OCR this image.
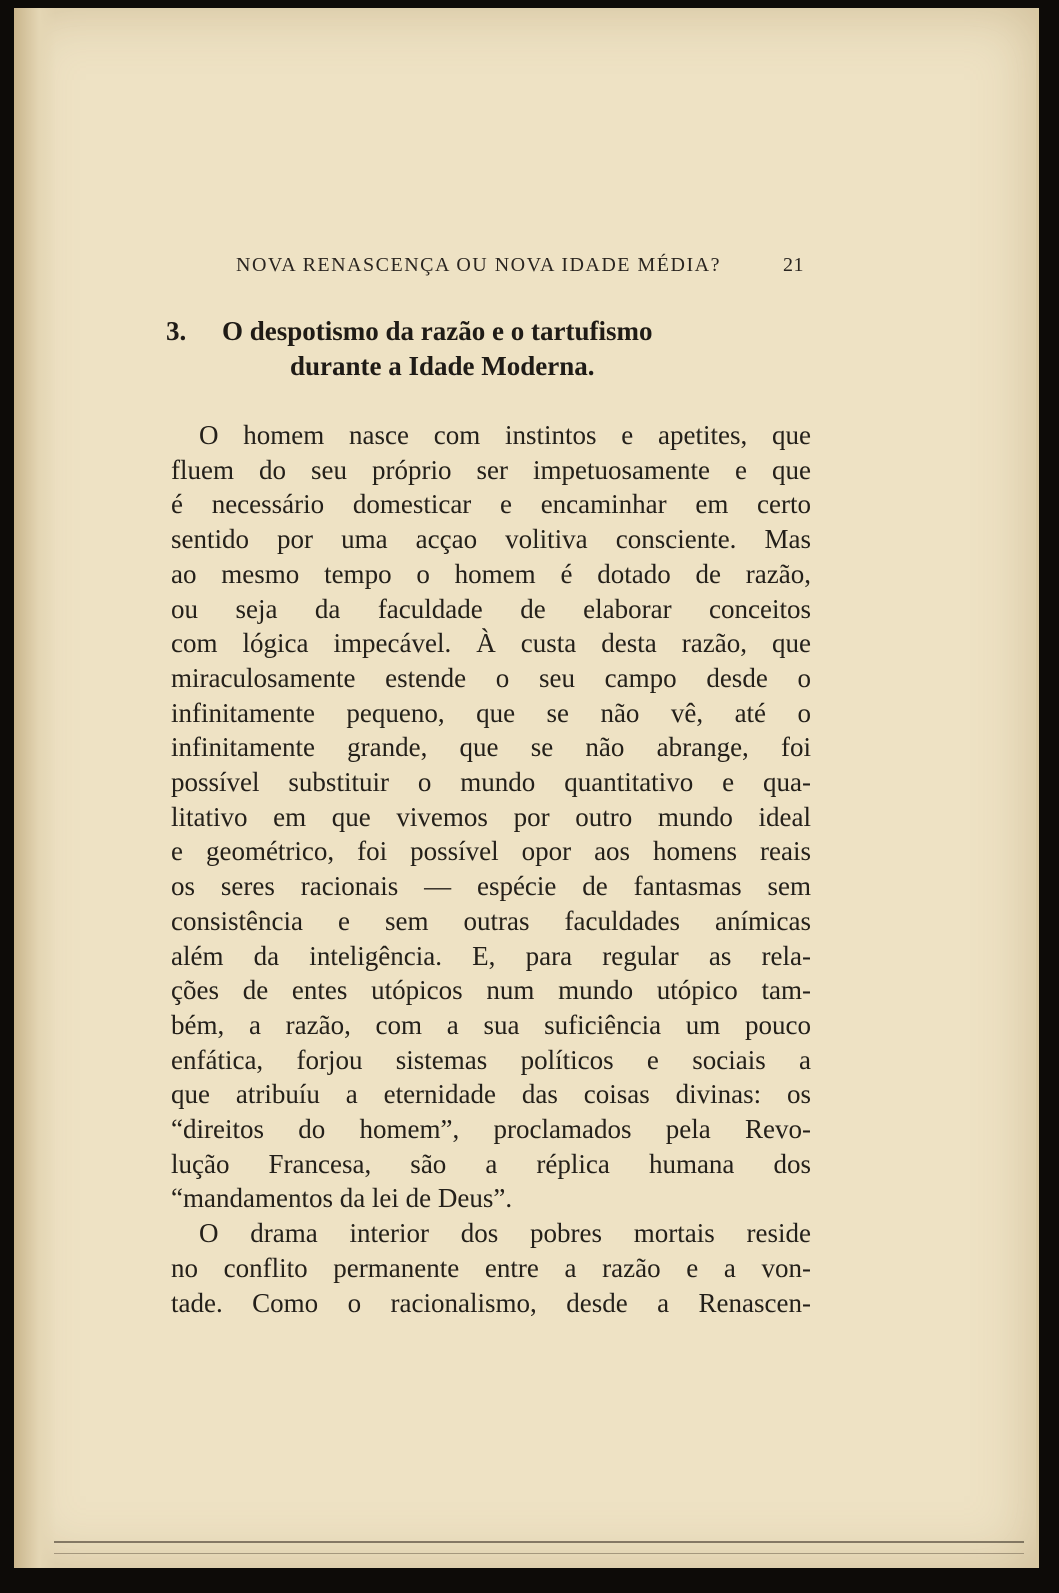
NOVA RENASCENÇA OU NOVA IDADE MÉDIA?	21
3. O despotismo da razão e o tartufismo
durante a Idade Moderna.
O homem nasce com instintos e apetites, que
fluem do seu próprio ser impetuosamente e que
é necessário domesticar e encaminhar em certo
sentido por uma acçao volitiva consciente. Mas
ao mesmo tempo o homem é dotado de razão,
ou seja da faculdade de elaborar conceitos
com lógica impecável. À custa desta razão, que
miraculosamente estende o seu campo desde o
infinitamente pequeno, que se não vê, até o
infinitamente grande, que se não abrange, foi
possível substituir o mundo quantitativo e qua-
litativo em que vivemos por outro mundo ideal
e geométrico, foi possível opor aos homens reais
os seres racionais — espécie de fantasmas sem
consistência e sem outras faculdades anímicas
além da inteligência. E, para regular as rela-
ções de entes utópicos num mundo utópico tam-
bém, a razão, com a sua suficiência um pouco
enfática, forjou sistemas políticos e sociais a
que atribuíu a eternidade das coisas divinas: os
“direitos do homem”, proclamados pela Revo-
lução Francesa, são a réplica humana dos
“mandamentos da lei de Deus”.
O drama interior dos pobres mortais reside
no conflito permanente entre a razão e a von-
tade. Como o racionalismo, desde a Renascen-
